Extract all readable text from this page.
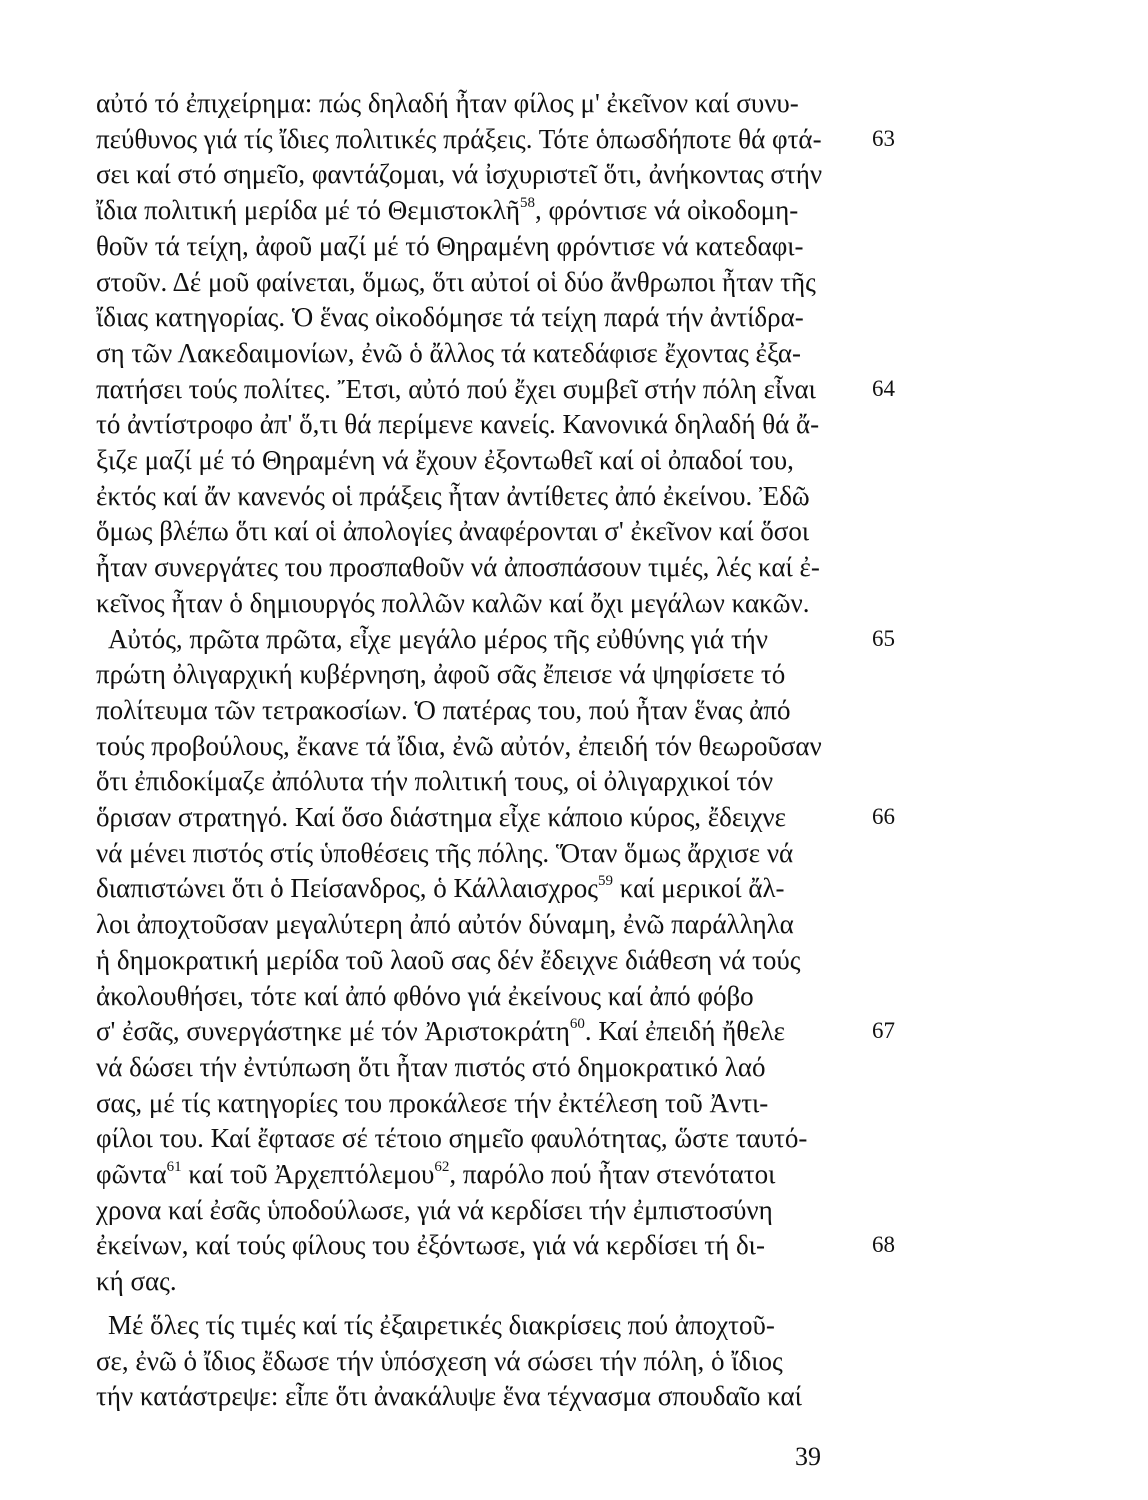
αὐτό τό ἐπιχείρημα: πώς δηλαδή ἦταν φίλος μ' ἐκεῖνον καί συνυ-
πεύθυνος γιά τίς ἴδιες πολιτικές πράξεις. Τότε ὁπωσδήποτε θά φτά-
σει καί στό σημεῖο, φαντάζομαι, νά ἰσχυριστεῖ ὅτι, ἀνήκοντας στήν
ἴδια πολιτική μερίδα μέ τό Θεμιστοκλῆ$^{58}$, φρόντισε νά οἰκοδομη-
θοῦν τά τείχη, ἀφοῦ μαζί μέ τό Θηραμένη φρόντισε νά κατεδαφι-
στοῦν. Δέ μοῦ φαίνεται, ὅμως, ὅτι αὐτοί οἱ δύο ἄνθρωποι ἦταν τῆς
ἴδιας κατηγορίας. Ὁ ἕνας οἰκοδόμησε τά τείχη παρά τήν ἀντίδρα-
ση τῶν Λακεδαιμονίων, ἐνῶ ὁ ἄλλος τά κατεδάφισε ἔχοντας ἐξα-
πατήσει τούς πολίτες. Ἔτσι, αὐτό πού ἔχει συμβεῖ στήν πόλη εἶναι
τό ἀντίστροφο ἀπ' ὅ,τι θά περίμενε κανείς. Κανονικά δηλαδή θά ἄ-
ξιζε μαζί μέ τό Θηραμένη νά ἔχουν ἐξοντωθεῖ καί οἱ ὀπαδοί του,
ἐκτός καί ἄν κανενός οἱ πράξεις ἦταν ἀντίθετες ἀπό ἐκείνου. Ἐδῶ
ὅμως βλέπω ὅτι καί οἱ ἀπολογίες ἀναφέρονται σ' ἐκεῖνον καί ὅσοι
ἦταν συνεργάτες του προσπαθοῦν νά ἀποσπάσουν τιμές, λές καί ἐ-
κεῖνος ἦταν ὁ δημιουργός πολλῶν καλῶν καί ὄχι μεγάλων κακῶν.
Αὐτός, πρῶτα πρῶτα, εἶχε μεγάλο μέρος τῆς εὐθύνης γιά τήν
πρώτη ὀλιγαρχική κυβέρνηση, ἀφοῦ σᾶς ἔπεισε νά ψηφίσετε τό
πολίτευμα τῶν τετρακοσίων. Ὁ πατέρας του, πού ἦταν ἕνας ἀπό
τούς προβούλους, ἔκανε τά ἴδια, ἐνῶ αὐτόν, ἐπειδή τόν θεωροῦσαν
ὅτι ἐπιδοκίμαζε ἀπόλυτα τήν πολιτική τους, οἱ ὀλιγαρχικοί τόν
ὅρισαν στρατηγό. Καί ὅσο διάστημα εἶχε κάποιο κύρος, ἔδειχνε
νά μένει πιστός στίς ὑποθέσεις τῆς πόλης. Ὅταν ὅμως ἄρχισε νά
διαπιστώνει ὅτι ὁ Πείσανδρος, ὁ Κάλλαισχρος$^{59}$ καί μερικοί ἄλ-
λοι ἀποχτοῦσαν μεγαλύτερη ἀπό αὐτόν δύναμη, ἐνῶ παράλληλα
ἡ δημοκρατική μερίδα τοῦ λαοῦ σας δέν ἔδειχνε διάθεση νά τούς
ἀκολουθήσει, τότε καί ἀπό φθόνο γιά ἐκείνους καί ἀπό φόβο
σ' ἐσᾶς, συνεργάστηκε μέ τόν Ἀριστοκράτη$^{60}$. Καί ἐπειδή ἤθελε
νά δώσει τήν ἐντύπωση ὅτι ἦταν πιστός στό δημοκρατικό λαό
σας, μέ τίς κατηγορίες του προκάλεσε τήν ἐκτέλεση τοῦ Ἀντι-
φῶντα$^{61}$ καί τοῦ Ἀρχεπτόλεμου$^{62}$, παρόλο πού ἦταν στενότατοι
φίλοι του. Καί ἔφτασε σέ τέτοιο σημεῖο φαυλότητας, ὥστε ταυτό-
χρονα καί ἐσᾶς ὑποδούλωσε, γιά νά κερδίσει τήν ἐμπιστοσύνη
ἐκείνων, καί τούς φίλους του ἐξόντωσε, γιά νά κερδίσει τή δι-
κή σας.
Μέ ὅλες τίς τιμές καί τίς ἐξαιρετικές διακρίσεις πού ἀποχτοῦ-
σε, ἐνῶ ὁ ἴδιος ἔδωσε τήν ὑπόσχεση νά σώσει τήν πόλη, ὁ ἴδιος
63
64
65
66
67
68
39
τήν κατάστρεψε: εἶπε ὅτι ἀνακάλυψε ἕνα τέχνασμα σπουδαῖο καί
